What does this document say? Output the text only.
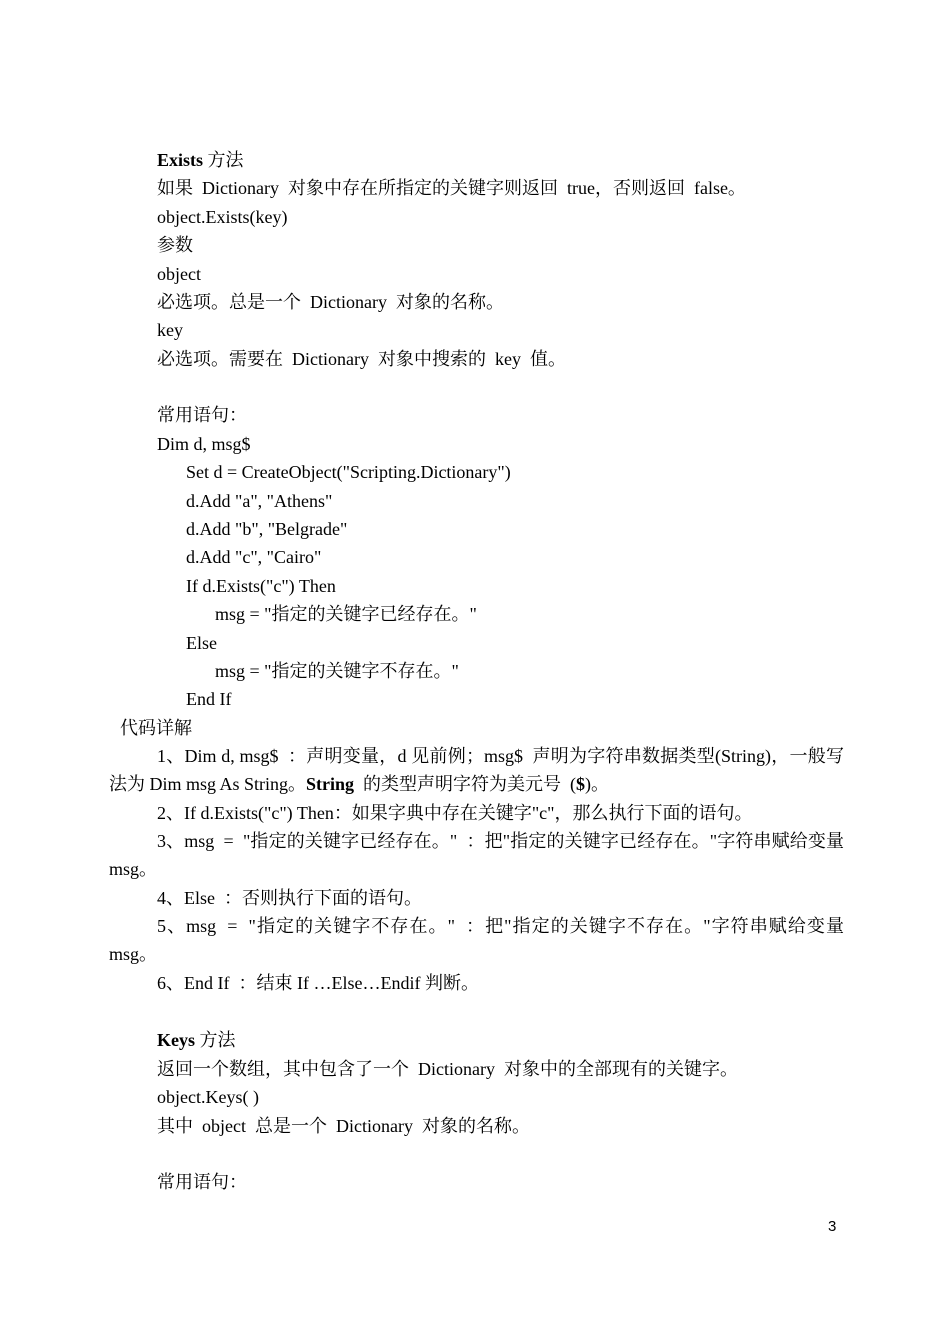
Exists 方法
如果  Dictionary  对象中存在所指定的关键字则返回  true，否则返回  false。
object.Exists(key)
参数
object
必选项。总是一个  Dictionary  对象的名称。
key
必选项。需要在  Dictionary  对象中搜索的  key  值。
常用语句：
Dim d, msg$
Set d = CreateObject("Scripting.Dictionary")
d.Add "a", "Athens"
d.Add "b", "Belgrade"
d.Add "c", "Cairo"
If d.Exists("c") Then
msg = "指定的关键字已经存在。"
Else
msg = "指定的关键字不存在。"
End If
代码详解
1、Dim d, msg$  ：声明变量，d 见前例；msg$  声明为字符串数据类型(String)，一般写法为 Dim msg As String。String  的类型声明字符为美元号  ($)。
2、If d.Exists("c") Then：如果字典中存在关键字"c"，那么执行下面的语句。
3、msg  =  "指定的关键字已经存在。"  ：把"指定的关键字已经存在。"字符串赋给变量 msg。
4、Else  ：否则执行下面的语句。
5、msg  =  "指定的关键字不存在。"  ：把"指定的关键字不存在。"字符串赋给变量 msg。
6、End If  ：结束 If …Else…Endif 判断。
Keys 方法
返回一个数组，其中包含了一个  Dictionary  对象中的全部现有的关键字。
object.Keys( )
其中  object  总是一个  Dictionary  对象的名称。
常用语句：
3
